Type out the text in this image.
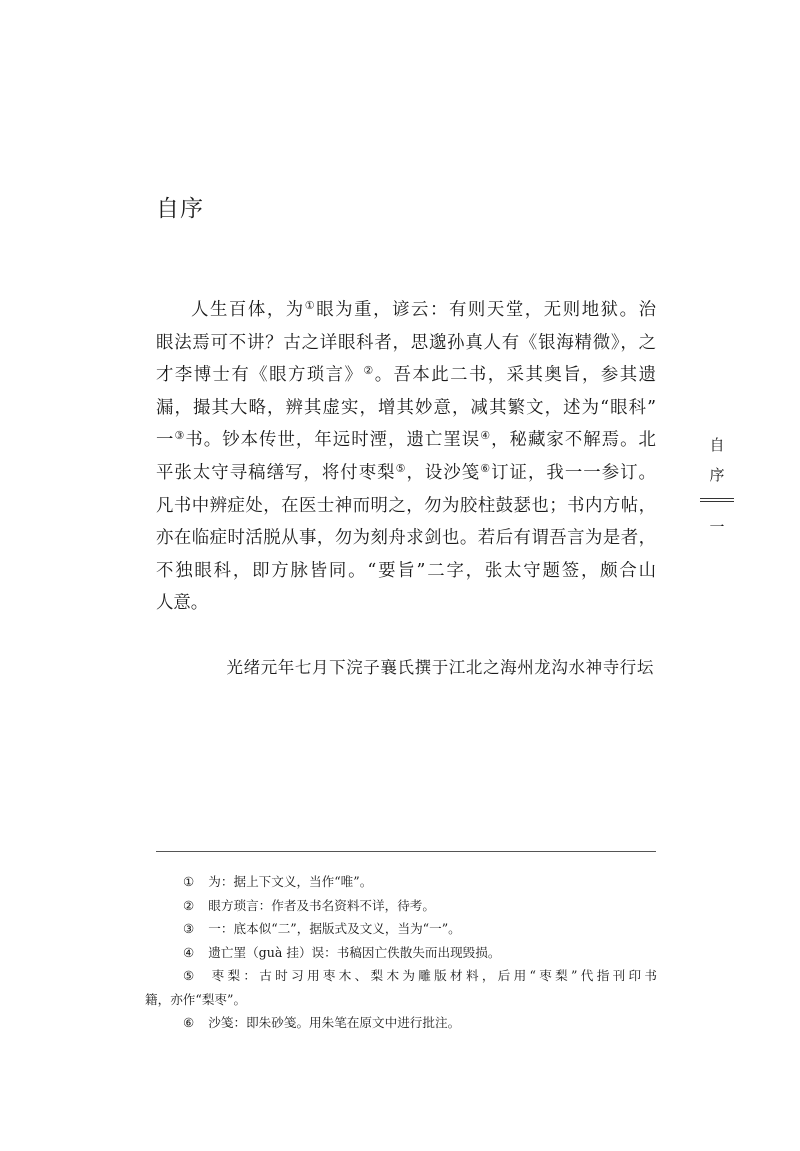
自序
人生百体，为①眼为重，谚云：有则天堂，无则地狱。治
眼法焉可不讲？古之详眼科者，思邈孙真人有《银海精微》，之
才李博士有《眼方琐言》②。吾本此二书，采其奥旨，参其遗
漏，撮其大略，辨其虚实，增其妙意，减其繁文，述为“眼科”
一③书。钞本传世，年远时湮，遗亡罣误④，秘藏家不解焉。北
平张太守寻稿缮写，将付枣梨⑤，设沙笺⑥订证，我一一参订。
凡书中辨症处，在医士神而明之，勿为胶柱鼓瑟也；书内方帖，
亦在临症时活脱从事，勿为刻舟求剑也。若后有谓吾言为是者，
不独眼科，即方脉皆同。“要旨”二字，张太守题签，颇合山
人意。

光绪元年七月下浣子襄氏撰于江北之海州龙沟水神寺行坛

自
序
一
① 为：据上下文义，当作“唯”。
② 眼方琐言：作者及书名资料不详，待考。
③ 一：底本似“二”，据版式及文义，当为“一”。
④ 遗亡罣（guà 挂）误：书稿因亡佚散失而出现毁损。
⑤ 枣梨：古时习用枣木、梨木为雕版材料，后用“枣梨”代指刊印书
籍，亦作“梨枣”。
⑥ 沙笺：即朱砂笺。用朱笔在原文中进行批注。
